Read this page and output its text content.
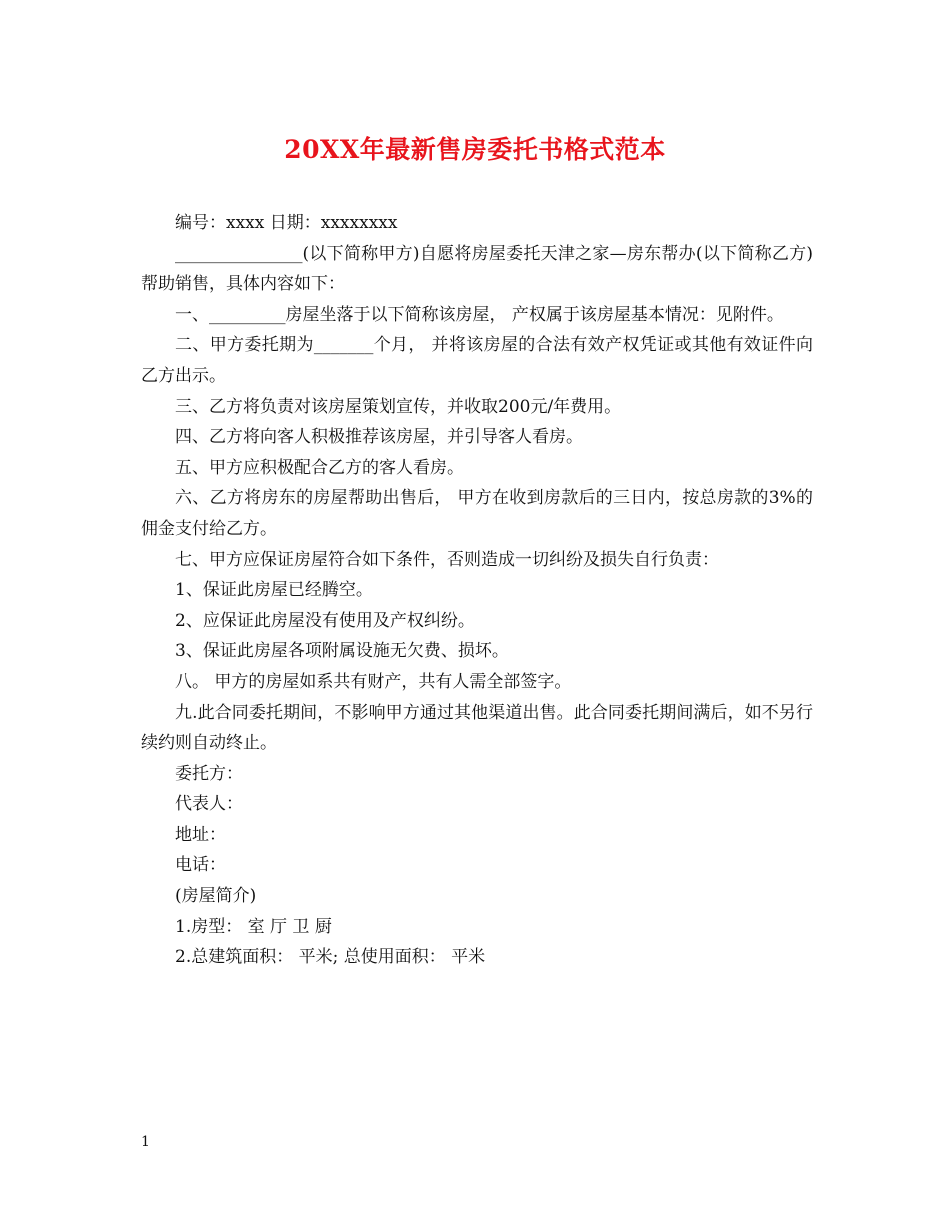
20XX年最新售房委托书格式范本

编号：xxxx 日期：xxxxxxxx

_______________(以下简称甲方)自愿将房屋委托天津之家—房东帮办(以下简称乙方)帮助销售，具体内容如下：

一、_________房屋坐落于以下简称该房屋， 产权属于该房屋基本情况：见附件。

二、甲方委托期为_______个月， 并将该房屋的合法有效产权凭证或其他有效证件向乙方出示。

三、乙方将负责对该房屋策划宣传，并收取200元/年费用。

四、乙方将向客人积极推荐该房屋，并引导客人看房。

五、甲方应积极配合乙方的客人看房。

六、乙方将房东的房屋帮助出售后， 甲方在收到房款后的三日内，按总房款的3%的佣金支付给乙方。

七、甲方应保证房屋符合如下条件，否则造成一切纠纷及损失自行负责：

1、保证此房屋已经腾空。

2、应保证此房屋没有使用及产权纠纷。

3、保证此房屋各项附属设施无欠费、损坏。

八。 甲方的房屋如系共有财产，共有人需全部签字。

九.此合同委托期间，不影响甲方通过其他渠道出售。此合同委托期间满后，如不另行续约则自动终止。

委托方：

代表人：

地址：

电话：

(房屋简介)

1.房型： 室 厅 卫 厨

2.总建筑面积： 平米; 总使用面积： 平米

1
